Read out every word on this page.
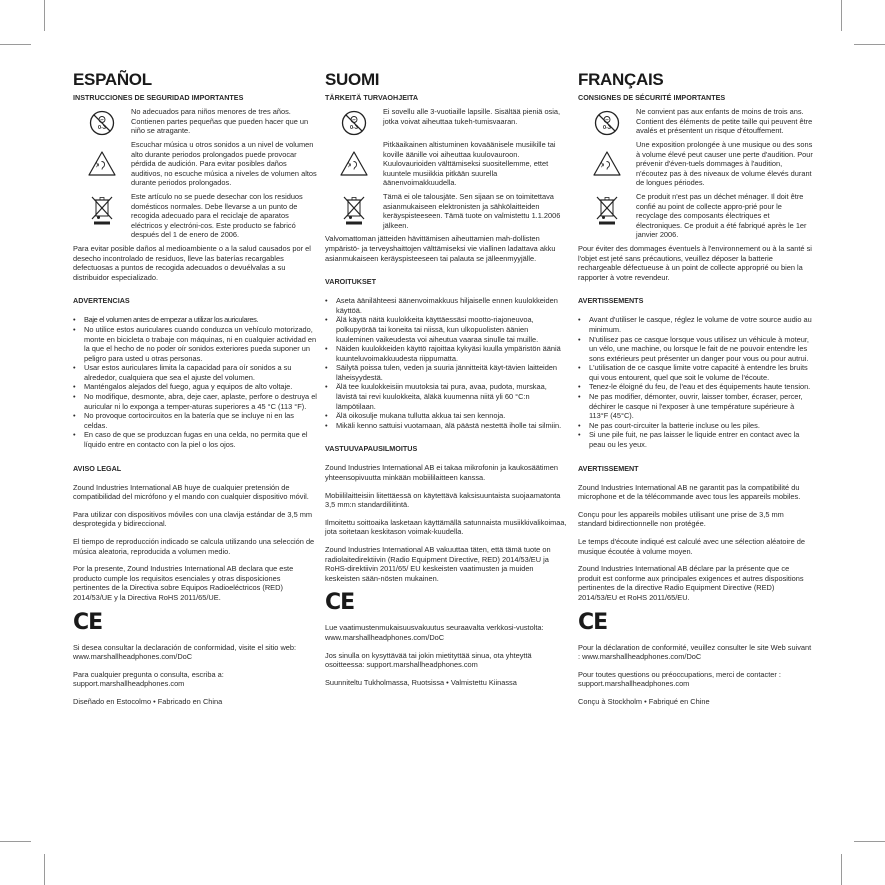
ESPAÑOL
INSTRUCCIONES DE SEGURIDAD IMPORTANTES
0-3
No adecuados para niños menores de tres años. Contienen partes pequeñas que pueden hacer que un niño se atragante.
Escuchar música u otros sonidos a un nivel de volumen alto durante periodos prolongados puede provocar pérdida de audición. Para evitar posibles daños auditivos, no escuche música a niveles de volumen altos durante periodos prolongados.
Este artículo no se puede desechar con los residuos domésticos normales. Debe llevarse a un punto de recogida adecuado para el reciclaje de aparatos eléctricos y electróni-cos. Este producto se fabricó después del 1 de enero de 2006.
Para evitar posible daños al medioambiente o a la salud causados por el desecho incontrolado de residuos, lleve las baterías recargables defectuosas a puntos de recogida adecuados o devuélvalas a su distribuidor especializado.
ADVERTENCIAS
• Baje el volumen antes de empezar a utilizar los auriculares.
• No utilice estos auriculares cuando conduzca un vehículo motorizado, monte en bicicleta o trabaje con máquinas, ni en cualquier actividad en la que el hecho de no poder oír sonidos exteriores pueda suponer un peligro para usted u otras personas.
• Usar estos auriculares limita la capacidad para oír sonidos a su alrededor, cualquiera que sea el ajuste del volumen.
• Manténgalos alejados del fuego, agua y equipos de alto voltaje.
• No modifique, desmonte, abra, deje caer, aplaste, perfore o destruya el auricular ni lo exponga a temper-aturas superiores a 45 °C (113 °F).
• No provoque cortocircuitos en la batería que se incluye ni en las celdas.
• En caso de que se produzcan fugas en una celda, no permita que el líquido entre en contacto con la piel o los ojos.
AVISO LEGAL
Zound Industries International AB huye de cualquier pretensión de compatibilidad del micrófono y el mando con cualquier dispositivo móvil.
Para utilizar con dispositivos móviles con una clavija estándar de 3,5 mm desprotegida y bidireccional.
El tiempo de reproducción indicado se calcula utilizando una selección de música aleatoria, reproducida a volumen medio.
Por la presente, Zound Industries International AB declara que este producto cumple los requisitos esenciales y otras disposiciones pertinentes de la Directiva sobre Equipos Radioeléctricos (RED) 2014/53/UE y la Directiva RoHS 2011/65/UE.
CE
Si desea consultar la declaración de conformidad, visite el sitio web: www.marshallheadphones.com/DoC
Para cualquier pregunta o consulta, escriba a: support.marshallheadphones.com
Diseñado en Estocolmo • Fabricado en China
SUOMI
TÄRKEITÄ TURVAOHJEITA
0-3
Ei sovellu alle 3-vuotiaille lapsille. Sisältää pieniä osia, jotka voivat aiheuttaa tukeh-tumisvaaran.
Pitkäaikainen altistuminen kovaäänisele musiikille tai koville äänille voi aiheuttaa kuulovauroon. Kuulovaurioiden välttämiseksi suositellemme, ettet kuuntele musiikkia pitkään suurella äänenvoimakkuudella.
Tämä ei ole talousjäte. Sen sijaan se on toimitettava asianmukaiseen elektronisten ja sähkölaitteiden keräyspisteeseen. Tämä tuote on valmistettu 1.1.2006 jälkeen.
Valvomattoman jätteiden hävittämisen aiheuttamien mah-dollisten ympäristö- ja terveyshaittojen välttämiseksi vie viallinen ladattava akku asianmukaiseen keräyspisteeseen tai palauta se jälleenmyyjälle.
VAROITUKSET
• Aseta äänilähteesi äänenvoimakkuus hiljaiselle ennen kuulokkeiden käyttöä.
• Älä käytä näitä kuulokkeita käyttäessäsi mootto-riajoneuvoa, polkupyörää tai koneita tai niissä, kun ulkopuolisten äänien kuuleminen vaikeudesta voi aiheutua vaaraa sinulle tai muille.
• Näiden kuulokkeiden käyttö rajoittaa kykyäsi kuulla ympäristön ääniä kuunteluvoimakkuudesta riippumatta.
• Säilytä poissa tulen, veden ja suuria jännitteitä käyt-tävien laitteiden läheisyydestä.
• Älä tee kuulokkeisiin muutoksia tai pura, avaa, pudota, murskaa, lävistä tai revi kuulokkeita, äläkä kuumenna niitä yli 60 °C:n lämpötilaan.
• Älä oikosulje mukana tullutta akkua tai sen kennoja.
• Mikäli kenno sattuisi vuotamaan, älä päästä nestettä iholle tai silmiin.
VASTUUVAPAUSILMOITUS
Zound Industries International AB ei takaa mikrofonin ja kaukosäätimen yhteensopivuutta minkään mobiililaitteen kanssa.
Mobiililaitteisiin liitettäessä on käytettävä kaksisuuntaista suojaamatonta 3,5 mm:n standardiliitintä.
Ilmoitettu soittoaika lasketaan käyttämällä satunnaista musiikkivalikoimaa, jota soitetaan keskitason voimak-kuudella.
Zound Industries International AB vakuuttaa täten, että tämä tuote on radiolaitedirektiivin (Radio Equipment Directive, RED) 2014/53/EU ja RoHS-direktiivin 2011/65/ EU keskeisten vaatimusten ja muiden keskeisten sään-nösten mukainen.
CE
Lue vaatimustenmukaisuusvakuutus seuraavalta verkkosi-vustolta: www.marshallheadphones.com/DoC
Jos sinulla on kysyttävää tai jokin mietityttää sinua, ota yhteyttä osoitteessa: support.marshallheadphones.com
Suunniteltu Tukholmassa, Ruotsissa • Valmistettu Kiinassa
FRANÇAIS
CONSIGNES DE SÉCURITÉ IMPORTANTES
0-3
Ne convient pas aux enfants de moins de trois ans. Contient des éléments de petite taille qui peuvent être avalés et présentent un risque d'étouffement.
Une exposition prolongée à une musique ou des sons à volume élevé peut causer une perte d'audition. Pour prévenir d'éven-tuels dommages à l'audition, n'écoutez pas à des niveaux de volume élevés durant de longues périodes.
Ce produit n'est pas un déchet ménager. Il doit être confié au point de collecte appro-prié pour le recyclage des composants électriques et électroniques. Ce produit a été fabriqué après le 1er janvier 2006.
Pour éviter des dommages éventuels à l'environnement ou à la santé si l'objet est jeté sans précautions, veuillez déposer la batterie rechargeable défectueuse à un point de collecte approprié ou bien la rapporter à votre revendeur.
AVERTISSEMENTS
• Avant d'utiliser le casque, réglez le volume de votre source audio au minimum.
• N'utilisez pas ce casque lorsque vous utilisez un véhicule à moteur, un vélo, une machine, ou lorsque le fait de ne pouvoir entendre les sons extérieurs peut présenter un danger pour vous ou pour autrui.
• L'utilisation de ce casque limite votre capacité à entendre les bruits qui vous entourent, quel que soit le volume de l'écoute.
• Tenez-le éloigné du feu, de l'eau et des équipements haute tension.
• Ne pas modifier, démonter, ouvrir, laisser tomber, écraser, percer, déchirer le casque ni l'exposer à une température supérieure à 113°F (45°C).
• Ne pas court-circuiter la batterie incluse ou les piles.
• Si une pile fuit, ne pas laisser le liquide entrer en contact avec la peau ou les yeux.
AVERTISSEMENT
Zound Industries International AB ne garantit pas la compatibilité du microphone et de la télécommande avec tous les appareils mobiles.
Conçu pour les appareils mobiles utilisant une prise de 3,5 mm standard bidirectionnelle non protégée.
Le temps d'écoute indiqué est calculé avec une sélection aléatoire de musique écoutée à volume moyen.
Zound Industries International AB déclare par la présente que ce produit est conforme aux principales exigences et autres dispositions pertinentes de la directive Radio Equipment Directive (RED) 2014/53/EU et RoHS 2011/65/EU.
CE
Pour la déclaration de conformité, veuillez consulter le site Web suivant : www.marshallheadphones.com/DoC
Pour toutes questions ou préoccupations, merci de contacter : support.marshallheadphones.com
Conçu à Stockholm • Fabriqué en Chine
